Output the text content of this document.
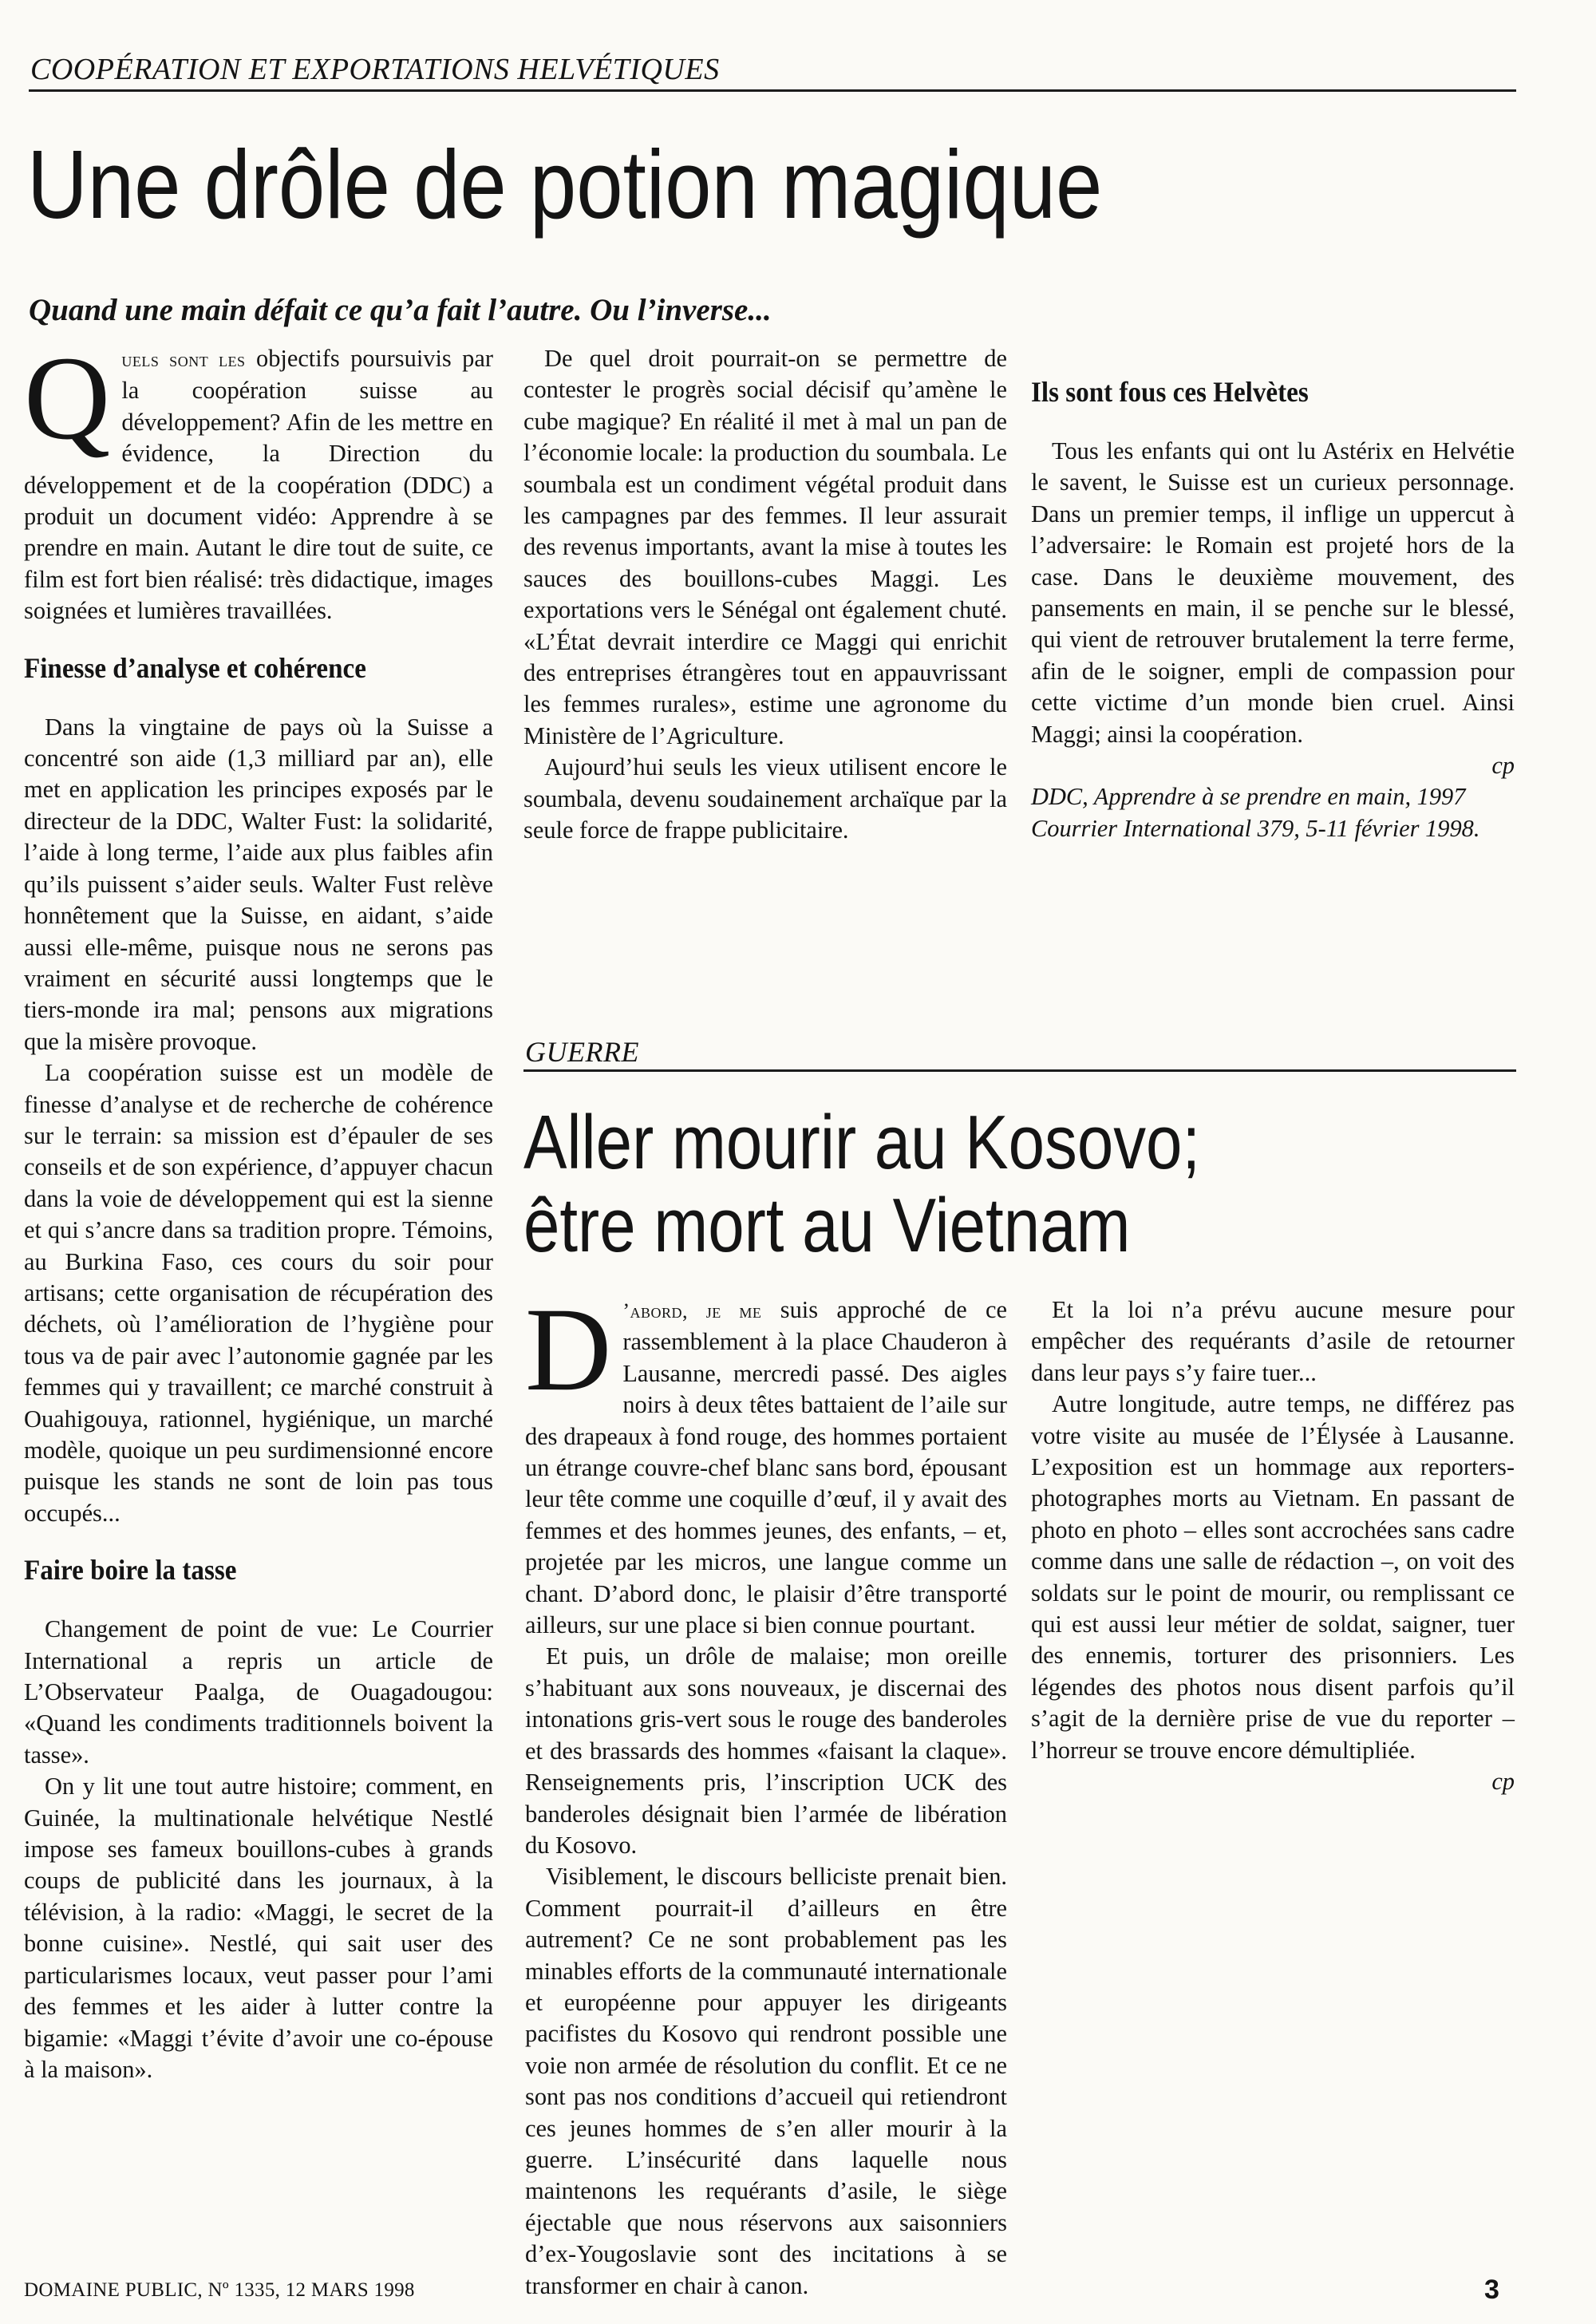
COOPÉRATION ET EXPORTATIONS HELVÉTIQUES
Une drôle de potion magique
Quand une main défait ce qu’a fait l’autre. Ou l’inverse...

Quels sont les objectifs poursuivis par la coopération suisse au développement? Afin de les mettre en évidence, la Direction du développement et de la coopération (DDC) a produit un document vidéo: Apprendre à se prendre en main. Autant le dire tout de suite, ce film est fort bien réalisé: très didactique, images soignées et lumières travaillées.

Finesse d’analyse et cohérence

Dans la vingtaine de pays où la Suisse a concentré son aide (1,3 milliard par an), elle met en application les principes exposés par le directeur de la DDC, Walter Fust: la solidarité, l’aide à long terme, l’aide aux plus faibles afin qu’ils puissent s’aider seuls. Walter Fust relève honnêtement que la Suisse, en aidant, s’aide aussi elle-même, puisque nous ne serons pas vraiment en sécurité aussi longtemps que le tiers-monde ira mal; pensons aux migrations que la misère provoque.

La coopération suisse est un modèle de finesse d’analyse et de recherche de cohérence sur le terrain: sa mission est d’épauler de ses conseils et de son expérience, d’appuyer chacun dans la voie de développement qui est la sienne et qui s’ancre dans sa tradition propre. Témoins, au Burkina Faso, ces cours du soir pour artisans; cette organisation de récupération des déchets, où l’amélioration de l’hygiène pour tous va de pair avec l’autonomie gagnée par les femmes qui y travaillent; ce marché construit à Ouahigouya, rationnel, hygiénique, un marché modèle, quoique un peu surdimensionné encore puisque les stands ne sont de loin pas tous occupés...

Faire boire la tasse

Changement de point de vue: Le Courrier International a repris un article de L’Observateur Paalga, de Ouagadougou: «Quand les condiments traditionnels boivent la tasse».

On y lit une tout autre histoire; comment, en Guinée, la multinationale helvétique Nestlé impose ses fameux bouillons-cubes à grands coups de publicité dans les journaux, à la télévision, à la radio: «Maggi, le secret de la bonne cuisine». Nestlé, qui sait user des particularismes locaux, veut passer pour l’ami des femmes et les aider à lutter contre la bigamie: «Maggi t’évite d’avoir une co-épouse à la maison».

De quel droit pourrait-on se permettre de contester le progrès social décisif qu’amène le cube magique? En réalité il met à mal un pan de l’économie locale: la production du soumbala. Le soumbala est un condiment végétal produit dans les campagnes par des femmes. Il leur assurait des revenus importants, avant la mise à toutes les sauces des bouillons-cubes Maggi. Les exportations vers le Sénégal ont également chuté. «L’État devrait interdire ce Maggi qui enrichit des entreprises étrangères tout en appauvrissant les femmes rurales», estime une agronome du Ministère de l’Agriculture.

Aujourd’hui seuls les vieux utilisent encore le soumbala, devenu soudainement archaïque par la seule force de frappe publicitaire.

Ils sont fous ces Helvètes

Tous les enfants qui ont lu Astérix en Helvétie le savent, le Suisse est un curieux personnage. Dans un premier temps, il inflige un uppercut à l’adversaire: le Romain est projeté hors de la case. Dans le deuxième mouvement, des pansements en main, il se penche sur le blessé, qui vient de retrouver brutalement la terre ferme, afin de le soigner, empli de compassion pour cette victime d’un monde bien cruel. Ainsi Maggi; ainsi la coopération.

cp

DDC, Apprendre à se prendre en main, 1997

Courrier International 379, 5-11 février 1998.

GUERRE
Aller mourir au Kosovo;
être mort au Vietnam

D ’abord, je me suis approché de ce rassemblement à la place Chauderon à Lausanne, mercredi passé. Des aigles noirs à deux têtes battaient de l’aile sur des drapeaux à fond rouge, des hommes portaient un étrange couvre-chef blanc sans bord, épousant leur tête comme une coquille d’œuf, il y avait des femmes et des hommes jeunes, des enfants, – et, projetée par les micros, une langue comme un chant. D’abord donc, le plaisir d’être transporté ailleurs, sur une place si bien connue pourtant.

Et puis, un drôle de malaise; mon oreille s’habituant aux sons nouveaux, je discernai des intonations gris-vert sous le rouge des banderoles et des brassards des hommes «faisant la claque». Renseignements pris, l’inscription UCK des banderoles désignait bien l’armée de libération du Kosovo.

Visiblement, le discours belliciste prenait bien. Comment pourrait-il d’ailleurs en être autrement? Ce ne sont probablement pas les minables efforts de la communauté internationale et européenne pour appuyer les dirigeants pacifistes du Kosovo qui rendront possible une voie non armée de résolution du conflit. Et ce ne sont pas nos conditions d’accueil qui retiendront ces jeunes hommes de s’en aller mourir à la guerre. L’insécurité dans laquelle nous maintenons les requérants d’asile, le siège éjectable que nous réservons aux saisonniers d’ex-Yougoslavie sont des incitations à se transformer en chair à canon.

Et la loi n’a prévu aucune mesure pour empêcher des requérants d’asile de retourner dans leur pays s’y faire tuer...

Autre longitude, autre temps, ne différez pas votre visite au musée de l’Élysée à Lausanne. L’exposition est un hommage aux reporters-photographes morts au Vietnam. En passant de photo en photo – elles sont accrochées sans cadre comme dans une salle de rédaction –, on voit des soldats sur le point de mourir, ou remplissant ce qui est aussi leur métier de soldat, saigner, tuer des ennemis, torturer des prisonniers. Les légendes des photos nous disent parfois qu’il s’agit de la dernière prise de vue du reporter – l’horreur se trouve encore démultipliée.

cp

DOMAINE PUBLIC, Nº 1335, 12 MARS 1998	3
